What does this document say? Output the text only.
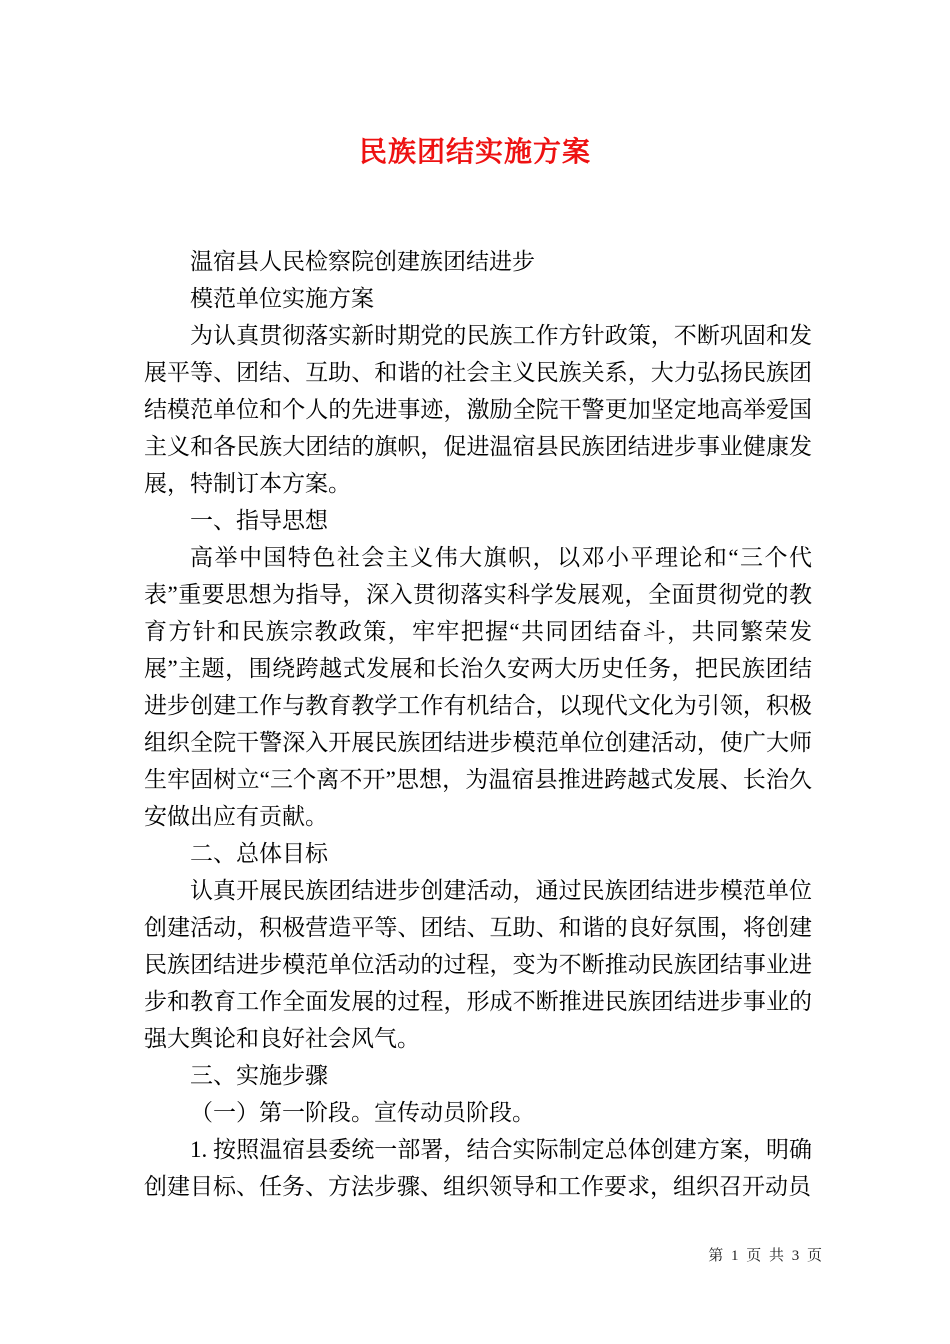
民族团结实施方案

温宿县人民检察院创建族团结进步

模范单位实施方案

为认真贯彻落实新时期党的民族工作方针政策，不断巩固和发展平等、团结、互助、和谐的社会主义民族关系，大力弘扬民族团结模范单位和个人的先进事迹，激励全院干警更加坚定地高举爱国主义和各民族大团结的旗帜，促进温宿县民族团结进步事业健康发展，特制订本方案。

一、指导思想

高举中国特色社会主义伟大旗帜，以邓小平理论和“三个代表”重要思想为指导，深入贯彻落实科学发展观，全面贯彻党的教育方针和民族宗教政策，牢牢把握“共同团结奋斗，共同繁荣发展”主题，围绕跨越式发展和长治久安两大历史任务，把民族团结进步创建工作与教育教学工作有机结合，以现代文化为引领，积极组织全院干警深入开展民族团结进步模范单位创建活动，使广大师生牢固树立“三个离不开”思想，为温宿县推进跨越式发展、长治久安做出应有贡献。

二、总体目标

认真开展民族团结进步创建活动，通过民族团结进步模范单位创建活动，积极营造平等、团结、互助、和谐的良好氛围，将创建民族团结进步模范单位活动的过程，变为不断推动民族团结事业进步和教育工作全面发展的过程，形成不断推进民族团结进步事业的强大舆论和良好社会风气。

三、实施步骤

（一）第一阶段。宣传动员阶段。

1. 按照温宿县委统一部署，结合实际制定总体创建方案，明确创建目标、任务、方法步骤、组织领导和工作要求，组织召开动员

第 1 页 共 3 页
